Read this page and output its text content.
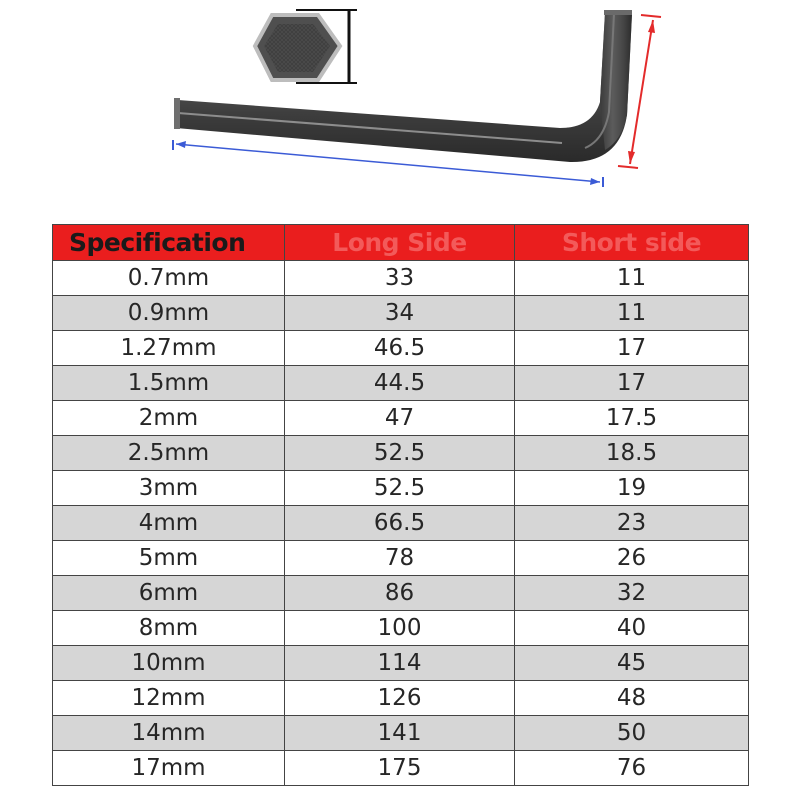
Specification	Long Side	Short side
0.7mm	33	11
0.9mm	34	11
1.27mm	46.5	17
1.5mm	44.5	17
2mm	47	17.5
2.5mm	52.5	18.5
3mm	52.5	19
4mm	66.5	23
5mm	78	26
6mm	86	32
8mm	100	40
10mm	114	45
12mm	126	48
14mm	141	50
17mm	175	76
